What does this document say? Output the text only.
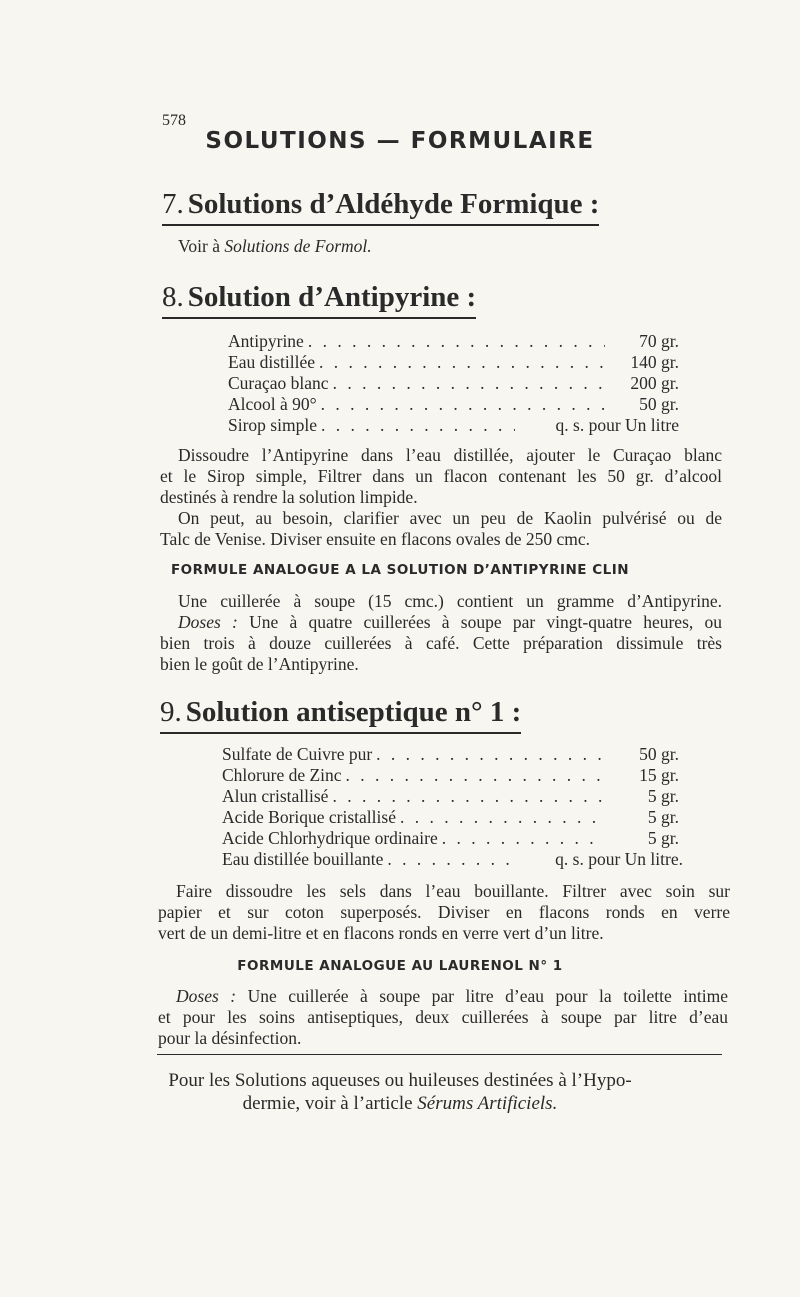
578
SOLUTIONS — FORMULAIRE
7. Solutions d’Aldéhyde Formique :
Voir à Solutions de Formol.
8. Solution d’Antipyrine :
Antipyrine . . .	70 gr.
Eau distillée . . .	140 gr.
Curaçao blanc . . .	200 gr.
Alcool à 90° . . .	50 gr.
Sirop simple . . .	q. s. pour Un litre
Dissoudre l’Antipyrine dans l’eau distillée, ajouter le Curaçao blanc
et le Sirop simple, Filtrer dans un flacon contenant les 50 gr. d’alcool
destinés à rendre la solution limpide.
On peut, au besoin, clarifier avec un peu de Kaolin pulvérisé ou de
Talc de Venise. Diviser ensuite en flacons ovales de 250 cmc.
FORMULE ANALOGUE A LA SOLUTION D’ANTIPYRINE CLIN
Une cuillerée à soupe (15 cmc.) contient un gramme d’Antipyrine.
Doses : Une à quatre cuillerées à soupe par vingt-quatre heures, ou
bien trois à douze cuillerées à café. Cette préparation dissimule très
bien le goût de l’Antipyrine.
9. Solution antiseptique n° 1 :
Sulfate de Cuivre pur . . .	50 gr.
Chlorure de Zinc . . .	15 gr.
Alun cristallisé . . .	5 gr.
Acide Borique cristallisé . . .	5 gr.
Acide Chlorhydrique ordinaire . . .	5 gr.
Eau distillée bouillante . . .	q. s. pour Un litre.
Faire dissoudre les sels dans l’eau bouillante. Filtrer avec soin sur
papier et sur coton superposés. Diviser en flacons ronds en verre
vert de un demi-litre et en flacons ronds en verre vert d’un litre.
FORMULE ANALOGUE AU LAURENOL N° 1
Doses : Une cuillerée à soupe par litre d’eau pour la toilette intime
et pour les soins antiseptiques, deux cuillerées à soupe par litre d’eau
pour la désinfection.
Pour les Solutions aqueuses ou huileuses destinées à l’Hypo-
dermie, voir à l’article Sérums Artificiels.
